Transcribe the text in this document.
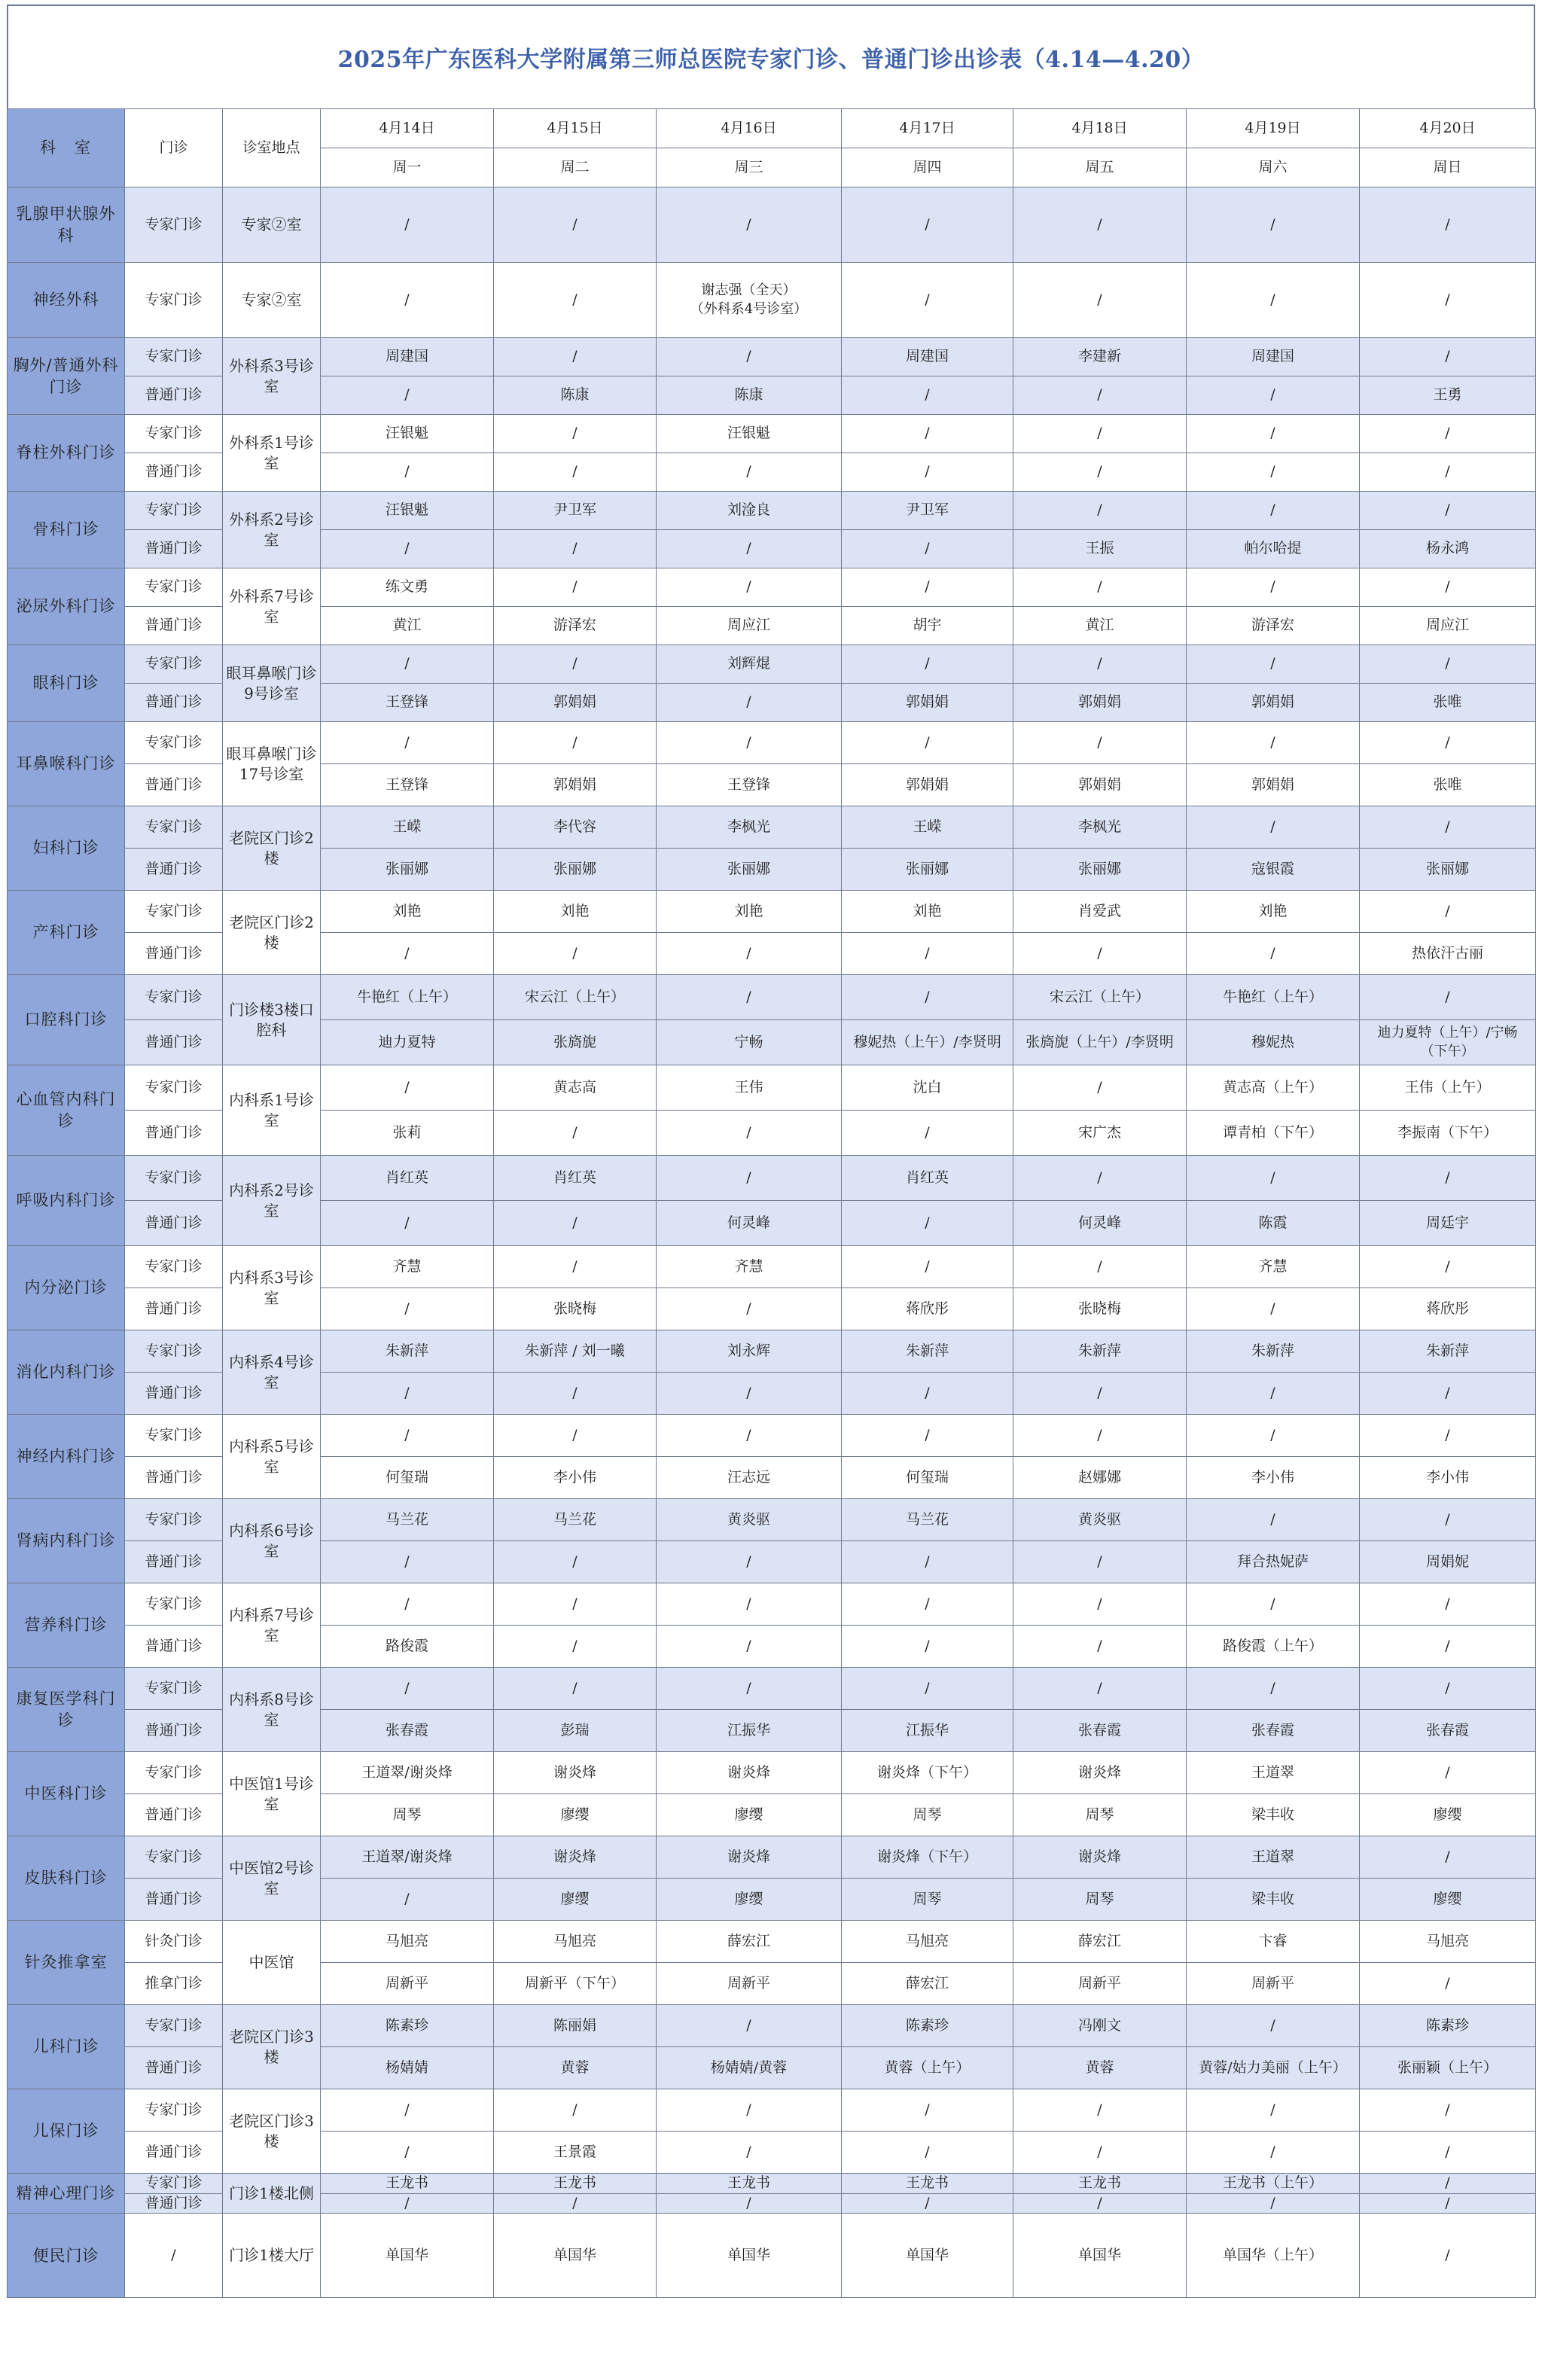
2025年广东医科大学附属第三师总医院专家门诊、普通门诊出诊表（4.14—4.20）
科　室	门诊	诊室地点	4月14日	4月15日	4月16日	4月17日	4月18日	4月19日	4月20日
			周一	周二	周三	周四	周五	周六	周日
乳腺甲状腺外科	专家门诊	专家②室	/	/	/	/	/	/	/
神经外科	专家门诊	专家②室	/	/	谢志强（全天）
（外科系4号诊室）	/	/	/	/
胸外/普通外科门诊	专家门诊	外科系3号诊室	周建国	/	/	周建国	李建新	周建国	/
	普通门诊		/	陈康	陈康	/	/	/	王勇
脊柱外科门诊	专家门诊	外科系1号诊室	汪银魁	/	汪银魁	/	/	/	/
	普通门诊		/	/	/	/	/	/	/
骨科门诊	专家门诊	外科系2号诊室	汪银魁	尹卫军	刘淦良	尹卫军	/	/	/
	普通门诊		/	/	/	/	王振	帕尔哈提	杨永鸿
泌尿外科门诊	专家门诊	外科系7号诊室	练文勇	/	/	/	/	/	/
	普通门诊		黄江	游泽宏	周应江	胡宇	黄江	游泽宏	周应江
眼科门诊	专家门诊	眼耳鼻喉门诊9号诊室	/	/	刘辉焜	/	/	/	/
	普通门诊		王登锋	郭娟娟	/	郭娟娟	郭娟娟	郭娟娟	张唯
耳鼻喉科门诊	专家门诊	眼耳鼻喉门诊17号诊室	/	/	/	/	/	/	/
	普通门诊		王登锋	郭娟娟	王登锋	郭娟娟	郭娟娟	郭娟娟	张唯
妇科门诊	专家门诊	老院区门诊2楼	王嵘	李代容	李枫光	王嵘	李枫光	/	/
	普通门诊		张丽娜	张丽娜	张丽娜	张丽娜	张丽娜	寇银霞	张丽娜
产科门诊	专家门诊	老院区门诊2楼	刘艳	刘艳	刘艳	刘艳	肖爱武	刘艳	/
	普通门诊		/	/	/	/	/	/	热依汗古丽
口腔科门诊	专家门诊	门诊楼3楼口腔科	牛艳红（上午）	宋云江（上午）	/	/	宋云江（上午）	牛艳红（上午）	/
	普通门诊		迪力夏特	张旖旎	宁畅	穆妮热（上午）/李贤明	张旖旎（上午）/李贤明	穆妮热	迪力夏特（上午）/宁畅
（下午）
心血管内科门诊	专家门诊	内科系1号诊室	/	黄志高	王伟	沈白	/	黄志高（上午）	王伟（上午）
	普通门诊		张莉	/	/	/	宋广杰	谭青柏（下午）	李振南（下午）
呼吸内科门诊	专家门诊	内科系2号诊室	肖红英	肖红英	/	肖红英	/	/	/
	普通门诊		/	/	何灵峰	/	何灵峰	陈霞	周廷宇
内分泌门诊	专家门诊	内科系3号诊室	齐慧	/	齐慧	/	/	齐慧	/
	普通门诊		/	张晓梅	/	蒋欣彤	张晓梅	/	蒋欣彤
消化内科门诊	专家门诊	内科系4号诊室	朱新萍	朱新萍 / 刘一曦	刘永辉	朱新萍	朱新萍	朱新萍	朱新萍
	普通门诊		/	/	/	/	/	/	/
神经内科门诊	专家门诊	内科系5号诊室	/	/	/	/	/	/	/
	普通门诊		何玺瑞	李小伟	汪志远	何玺瑞	赵娜娜	李小伟	李小伟
肾病内科门诊	专家门诊	内科系6号诊室	马兰花	马兰花	黄炎驱	马兰花	黄炎驱	/	/
	普通门诊		/	/	/	/	/	拜合热妮萨	周娟妮
营养科门诊	专家门诊	内科系7号诊室	/	/	/	/	/	/	/
	普通门诊		路俊霞	/	/	/	/	路俊霞（上午）	/
康复医学科门诊	专家门诊	内科系8号诊室	/	/	/	/	/	/	/
	普通门诊		张春霞	彭瑞	江振华	江振华	张春霞	张春霞	张春霞
中医科门诊	专家门诊	中医馆1号诊室	王道翠/谢炎烽	谢炎烽	谢炎烽	谢炎烽（下午）	谢炎烽	王道翠	/
	普通门诊		周琴	廖缨	廖缨	周琴	周琴	梁丰收	廖缨
皮肤科门诊	专家门诊	中医馆2号诊室	王道翠/谢炎烽	谢炎烽	谢炎烽	谢炎烽（下午）	谢炎烽	王道翠	/
	普通门诊		/	廖缨	廖缨	周琴	周琴	梁丰收	廖缨
针灸推拿室	针灸门诊	中医馆	马旭亮	马旭亮	薛宏江	马旭亮	薛宏江	卞睿	马旭亮
	推拿门诊		周新平	周新平（下午）	周新平	薛宏江	周新平	周新平	/
儿科门诊	专家门诊	老院区门诊3楼	陈素珍	陈丽娟	/	陈素珍	冯刚文	/	陈素珍
	普通门诊		杨婧婧	黄蓉	杨婧婧/黄蓉	黄蓉（上午）	黄蓉	黄蓉/姑力美丽（上午）	张丽颖（上午）
儿保门诊	专家门诊	老院区门诊3楼	/	/	/	/	/	/	/
	普通门诊		/	王景霞	/	/	/	/	/
精神心理门诊	专家门诊	门诊1楼北侧	王龙书	王龙书	王龙书	王龙书	王龙书	王龙书（上午）	/
	普通门诊		/	/	/	/	/	/	/
便民门诊	/	门诊1楼大厅	单国华	单国华	单国华	单国华	单国华	单国华（上午）	/
